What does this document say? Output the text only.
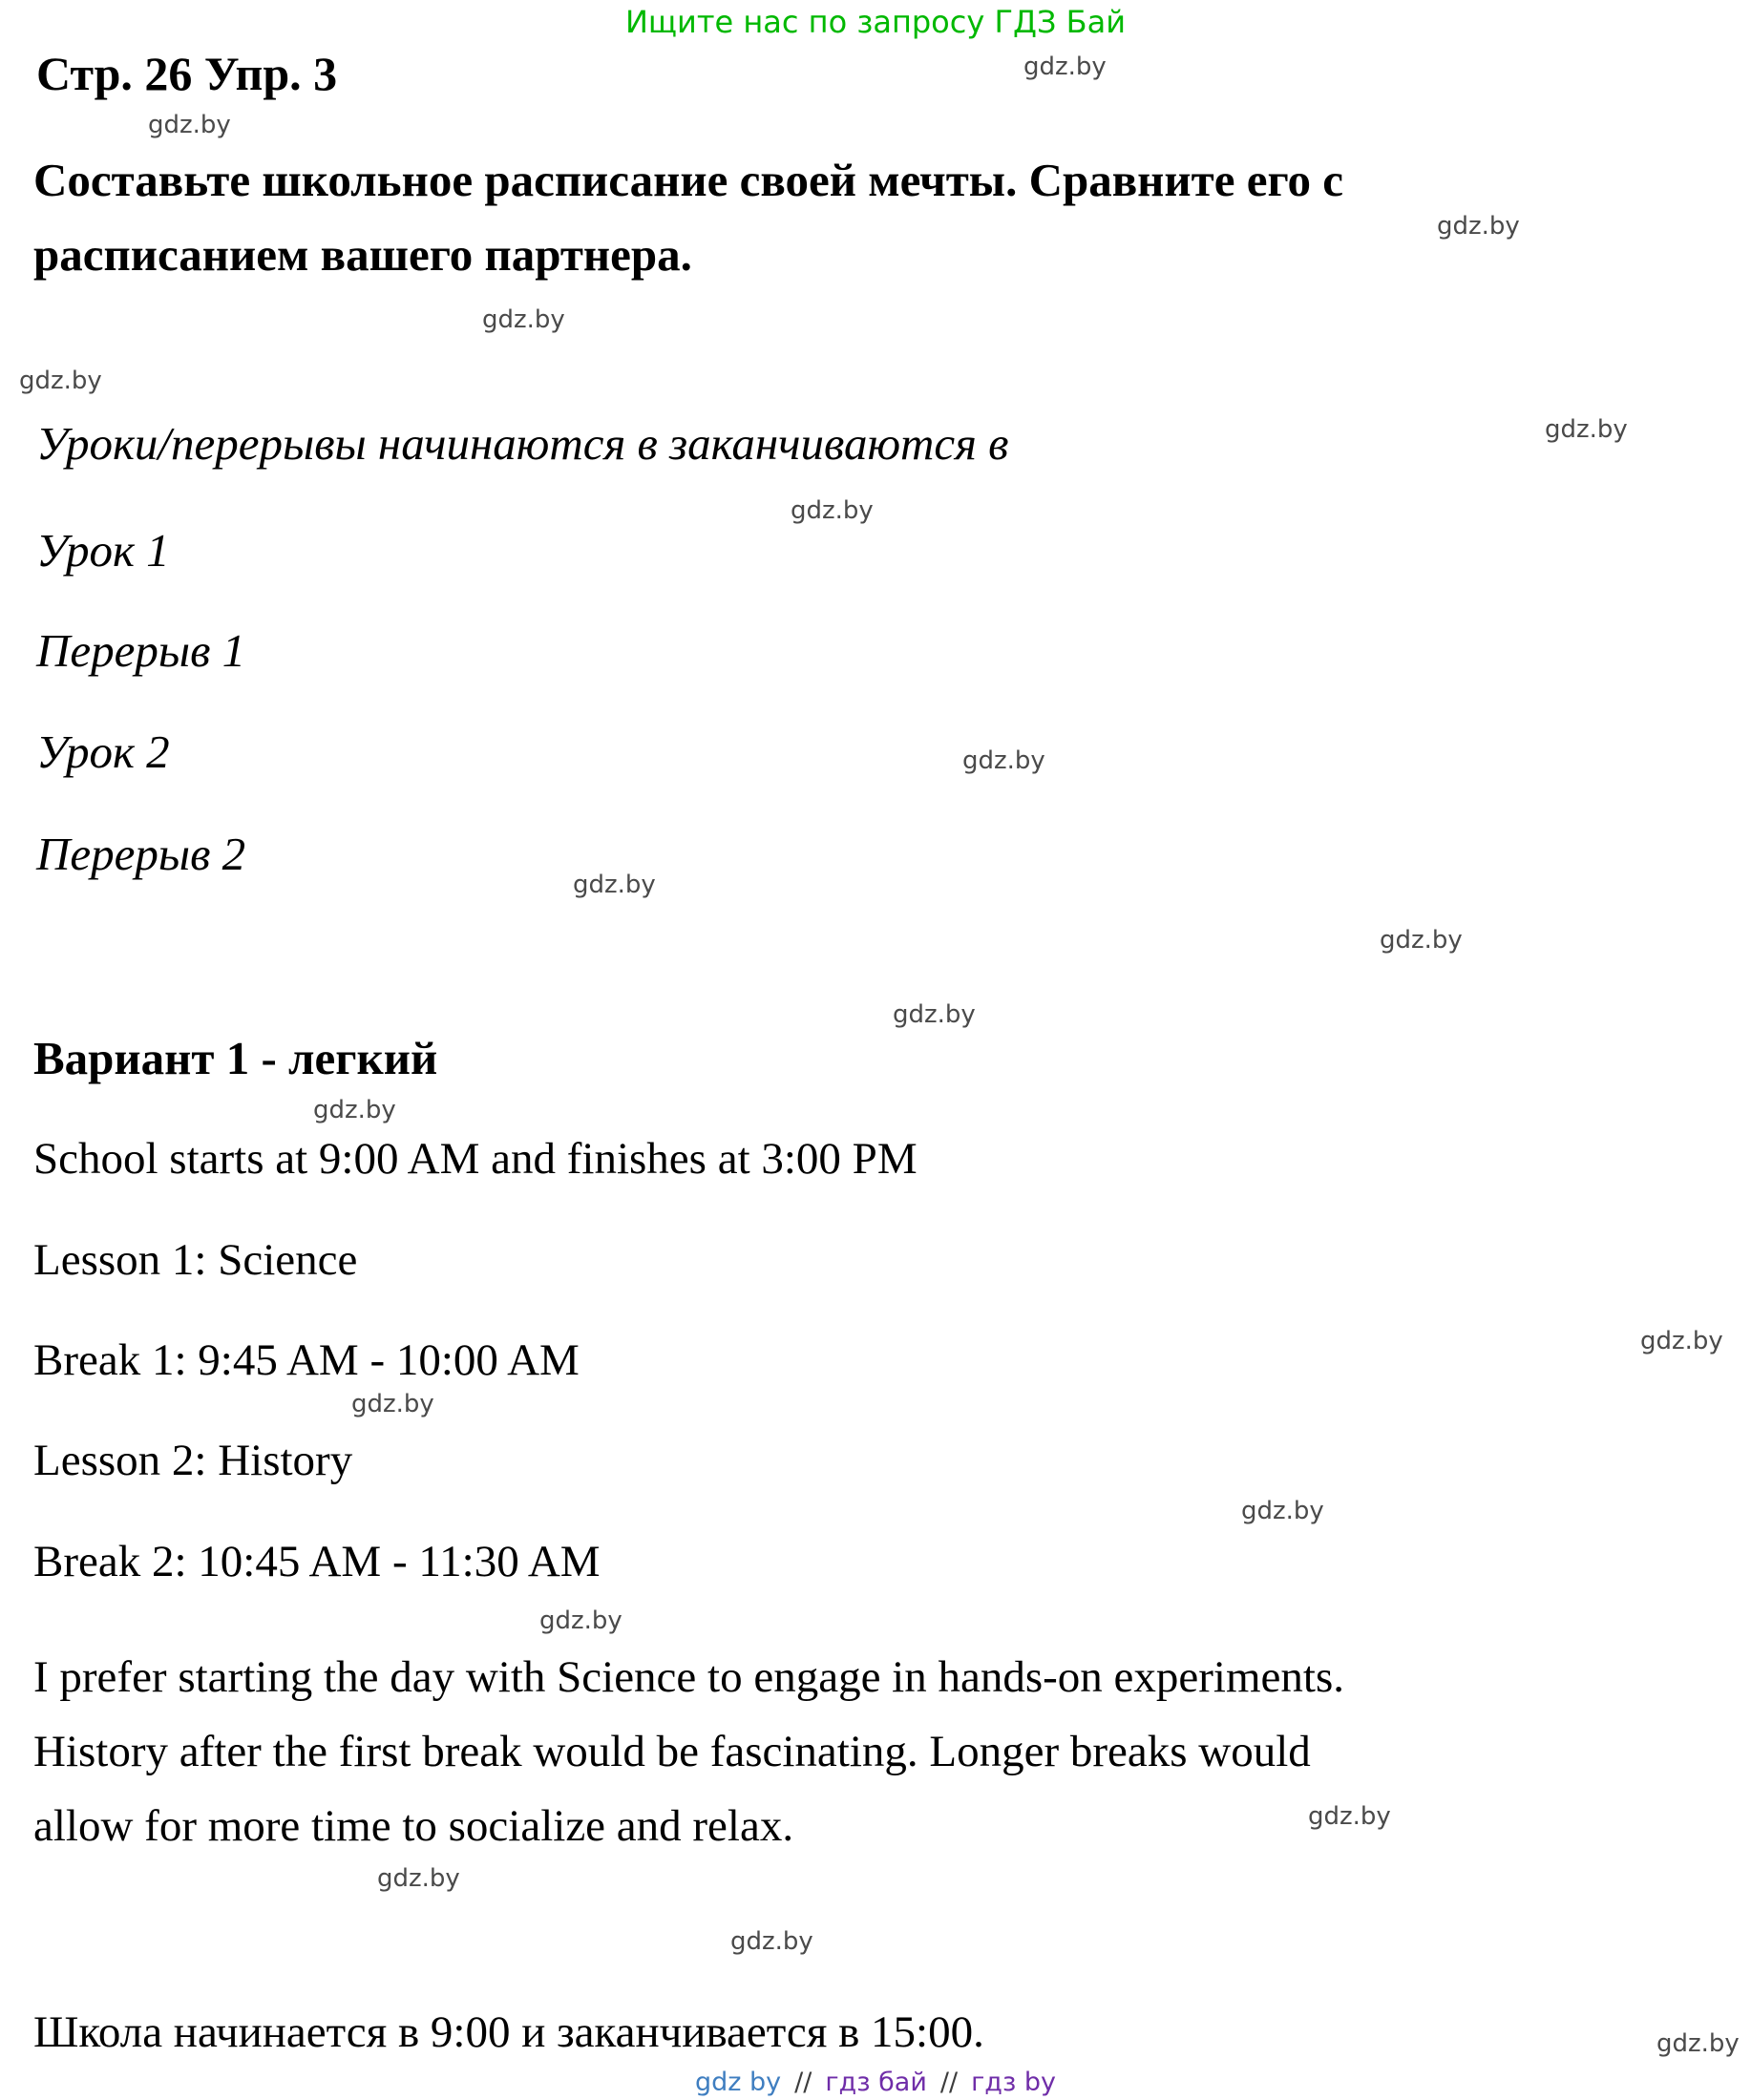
Ищите нас по запросу ГДЗ Бай
gdz.by
gdz.by
gdz.by
gdz.by
gdz.by
gdz.by
gdz.by
gdz.by
gdz.by
gdz.by
gdz.by
gdz.by
gdz.by
gdz.by
gdz.by
gdz.by
gdz.by
gdz.by
gdz.by
gdz.by
Стр. 26 Упр. 3
Составьте школьное расписание своей мечты. Сравните его с
расписанием вашего партнера.
Уроки/перерывы начинаются в заканчиваются в
Урок 1
Перерыв 1
Урок 2
Перерыв 2
Вариант 1 - легкий
School starts at 9:00 AM and finishes at 3:00 PM
Lesson 1: Science
Break 1: 9:45 AM - 10:00 AM
Lesson 2: History
Break 2: 10:45 AM - 11:30 AM
I prefer starting the day with Science to engage in hands-on experiments.
History after the first break would be fascinating. Longer breaks would
allow for more time to socialize and relax.
Школа начинается в 9:00 и заканчивается в 15:00.
gdz by // гдз бай // гдз by
